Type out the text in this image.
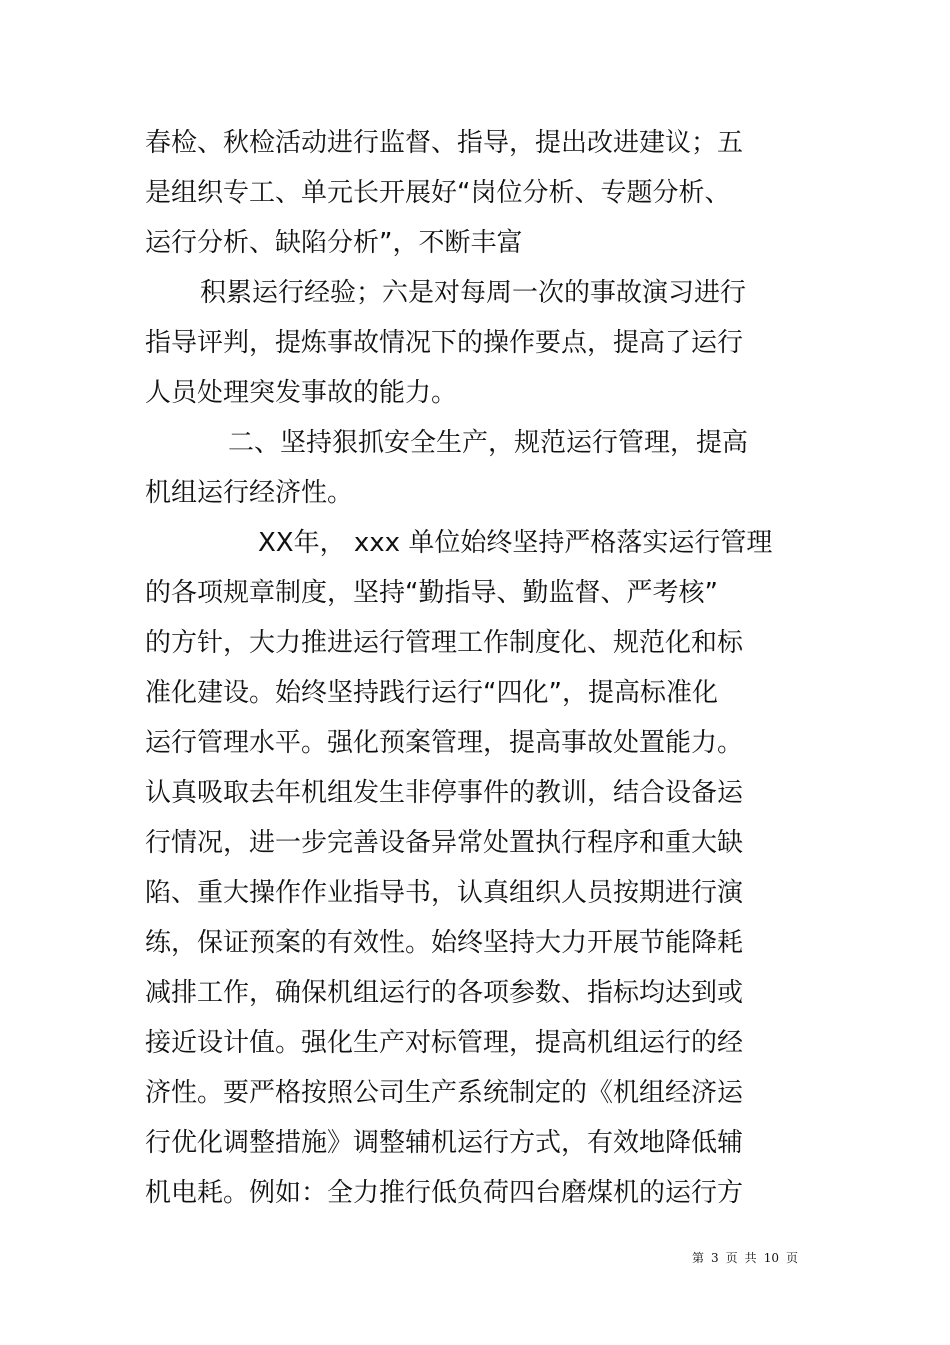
春检、秋检活动进行监督、指导，提出改进建议；五
是组织专工、单元长开展好“岗位分析、专题分析、
运行分析、缺陷分析”，不断丰富
积累运行经验；六是对每周一次的事故演习进行
指导评判，提炼事故情况下的操作要点，提高了运行
人员处理突发事故的能力。
二、坚持狠抓安全生产，规范运行管理，提高
机组运行经济性。
XX年， xxx 单位始终坚持严格落实运行管理
的各项规章制度，坚持“勤指导、勤监督、严考核”
的方针，大力推进运行管理工作制度化、规范化和标
准化建设。始终坚持践行运行“四化”，提高标准化
运行管理水平。强化预案管理，提高事故处置能力。
认真吸取去年机组发生非停事件的教训，结合设备运
行情况，进一步完善设备异常处置执行程序和重大缺
陷、重大操作作业指导书，认真组织人员按期进行演
练，保证预案的有效性。始终坚持大力开展节能降耗
减排工作，确保机组运行的各项参数、指标均达到或
接近设计值。强化生产对标管理，提高机组运行的经
济性。要严格按照公司生产系统制定的《机组经济运
行优化调整措施》调整辅机运行方式，有效地降低辅
机电耗。例如：全力推行低负荷四台磨煤机的运行方
第 3 页 共 10 页
